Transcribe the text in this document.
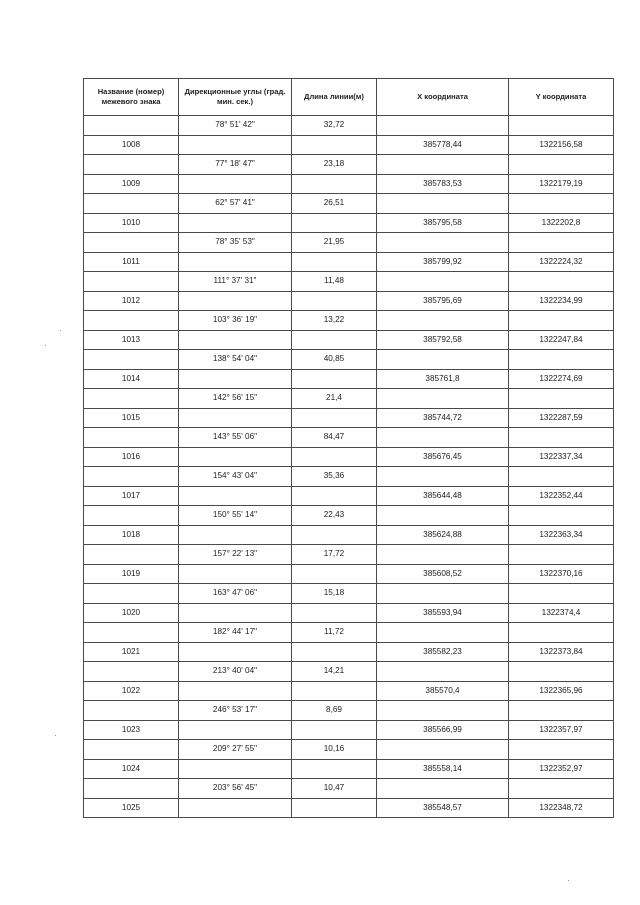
Название (номер) межевого знака	Дирекционные углы (град. мин. сек.)	Длина линии(м)	X координата	Y координата
	78° 51' 42"	32,72		
1008			385778,44	1322156,58
	77° 18' 47"	23,18		
1009			385783,53	1322179,19
	62° 57' 41"	26,51		
1010			385795,58	1322202,8
	78° 35' 53"	21,95		
1011			385799,92	1322224,32
	111° 37' 31"	11,48		
1012			385795,69	1322234,99
	103° 36' 19"	13,22		
1013			385792,58	1322247,84
	138° 54' 04"	40,85		
1014			385761,8	1322274,69
	142° 56' 15"	21,4		
1015			385744,72	1322287,59
	143° 55' 06"	84,47		
1016			385676,45	1322337,34
	154° 43' 04"	35,36		
1017			385644,48	1322352,44
	150° 55' 14"	22,43		
1018			385624,88	1322363,34
	157° 22' 13"	17,72		
1019			385608,52	1322370,16
	163° 47' 06"	15,18		
1020			385593,94	1322374,4
	182° 44' 17"	11,72		
1021			385582,23	1322373,84
	213° 40' 04"	14,21		
1022			385570,4	1322365,96
	246° 53' 17"	8,69		
1023			385566,99	1322357,97
	209° 27' 55"	10,16		
1024			385558,14	1322352,97
	203° 56' 45"	10,47		
1025			385548,57	1322348,72
